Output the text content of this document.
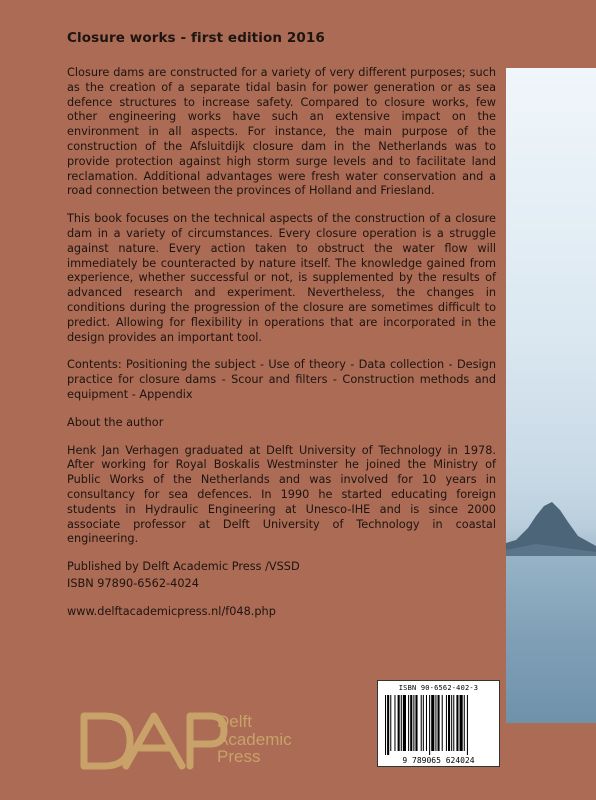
Closure works - first edition 2016

Closure dams are constructed for a variety of very different purposes; such as the creation of a separate tidal basin for power generation or as sea defence structures to increase safety. Compared to closure works, few other engineering works have such an extensive impact on the environment in all aspects. For instance, the main purpose of the construction of the Afsluitdijk closure dam in the Netherlands was to provide protection against high storm surge levels and to facilitate land reclamation. Additional advantages were fresh water conservation and a road connection between the provinces of Holland and Friesland.

This book focuses on the technical aspects of the construction of a closure dam in a variety of circumstances. Every closure operation is a struggle against nature. Every action taken to obstruct the water flow will immediately be counteracted by nature itself. The knowledge gained from experience, whether successful or not, is supplemented by the results of advanced research and experiment. Nevertheless, the changes in conditions during the progression of the closure are sometimes difficult to predict. Allowing for flexibility in operations that are incorporated in the design provides an important tool.

Contents: Positioning the subject - Use of theory - Data collection - Design practice for closure dams - Scour and filters - Construction methods and equipment - Appendix

About the author

Henk Jan Verhagen graduated at Delft University of Technology in 1978. After working for Royal Boskalis Westminster he joined the Ministry of Public Works of the Netherlands and was involved for 10 years in consultancy for sea defences. In 1990 he started educating foreign students in Hydraulic Engineering at Unesco-IHE and is since 2000 associate professor at Delft University of Technology in coastal engineering.

Published by Delft Academic Press /VSSD

ISBN 97890-6562-4024

www.delftacademicpress.nl/f048.php

ISBN 90-6562-402-3
9 789065 624024
Delft
Academic
Press
